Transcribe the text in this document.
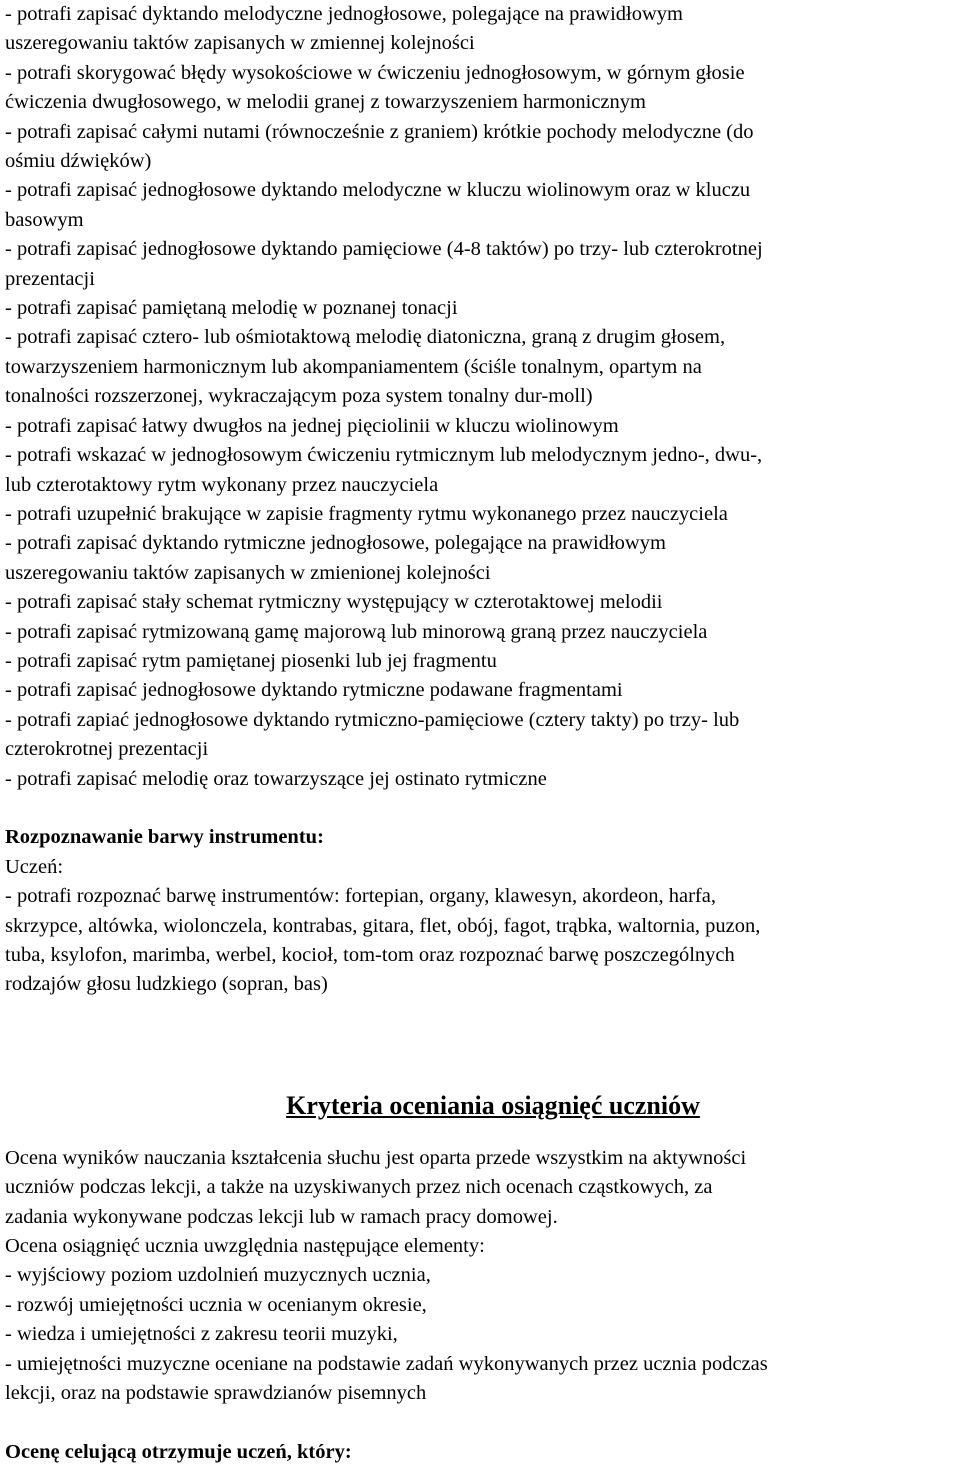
- potrafi zapisać dyktando melodyczne jednogłosowe, polegające na prawidłowym

uszeregowaniu taktów zapisanych w zmiennej kolejności

- potrafi skorygować błędy wysokościowe w ćwiczeniu jednogłosowym, w górnym głosie

ćwiczenia dwugłosowego, w melodii granej z towarzyszeniem harmonicznym

- potrafi zapisać całymi nutami (równocześnie z graniem) krótkie pochody melodyczne (do

ośmiu dźwięków)

- potrafi zapisać jednogłosowe dyktando melodyczne w kluczu wiolinowym oraz w kluczu

basowym

- potrafi zapisać jednogłosowe dyktando pamięciowe (4-8 taktów) po trzy- lub czterokrotnej

prezentacji

- potrafi zapisać pamiętaną melodię w poznanej tonacji

- potrafi zapisać cztero- lub ośmiotaktową melodię diatoniczna, graną z drugim głosem,

towarzyszeniem harmonicznym lub akompaniamentem (ściśle tonalnym, opartym na

tonalności rozszerzonej, wykraczającym poza system tonalny dur-moll)

- potrafi zapisać łatwy dwugłos na jednej pięciolinii w kluczu wiolinowym

- potrafi wskazać w jednogłosowym ćwiczeniu rytmicznym lub melodycznym jedno-, dwu-,

lub czterotaktowy rytm wykonany przez nauczyciela

- potrafi uzupełnić brakujące w zapisie fragmenty rytmu wykonanego przez nauczyciela

- potrafi zapisać dyktando rytmiczne jednogłosowe, polegające na prawidłowym

uszeregowaniu taktów zapisanych w zmienionej kolejności

- potrafi zapisać stały schemat rytmiczny występujący w czterotaktowej melodii

- potrafi zapisać rytmizowaną gamę majorową lub minorową graną przez nauczyciela

- potrafi zapisać rytm pamiętanej piosenki lub jej fragmentu

- potrafi zapisać jednogłosowe dyktando rytmiczne podawane fragmentami

- potrafi zapiać jednogłosowe dyktando rytmiczno-pamięciowe (cztery takty) po trzy- lub

czterokrotnej prezentacji

- potrafi zapisać melodię oraz towarzyszące jej ostinato rytmiczne

Rozpoznawanie barwy instrumentu:

Uczeń:

- potrafi rozpoznać barwę instrumentów: fortepian, organy, klawesyn, akordeon, harfa,

skrzypce, altówka, wiolonczela, kontrabas, gitara, flet, obój, fagot, trąbka, waltornia, puzon,

tuba, ksylofon, marimba, werbel, kocioł, tom-tom oraz rozpoznać barwę poszczególnych

rodzajów głosu ludzkiego (sopran, bas)

Kryteria oceniania osiągnięć uczniów

Ocena wyników nauczania kształcenia słuchu jest oparta przede wszystkim na aktywności

uczniów podczas lekcji, a także na uzyskiwanych przez nich ocenach cząstkowych, za

zadania wykonywane podczas lekcji lub w ramach pracy domowej.

Ocena osiągnięć ucznia uwzględnia następujące elementy:

- wyjściowy poziom uzdolnień muzycznych ucznia,

- rozwój umiejętności ucznia w ocenianym okresie,

- wiedza i umiejętności z zakresu teorii muzyki,

- umiejętności muzyczne oceniane na podstawie zadań wykonywanych przez ucznia podczas

lekcji, oraz na podstawie sprawdzianów pisemnych

Ocenę celującą otrzymuje uczeń, który:
